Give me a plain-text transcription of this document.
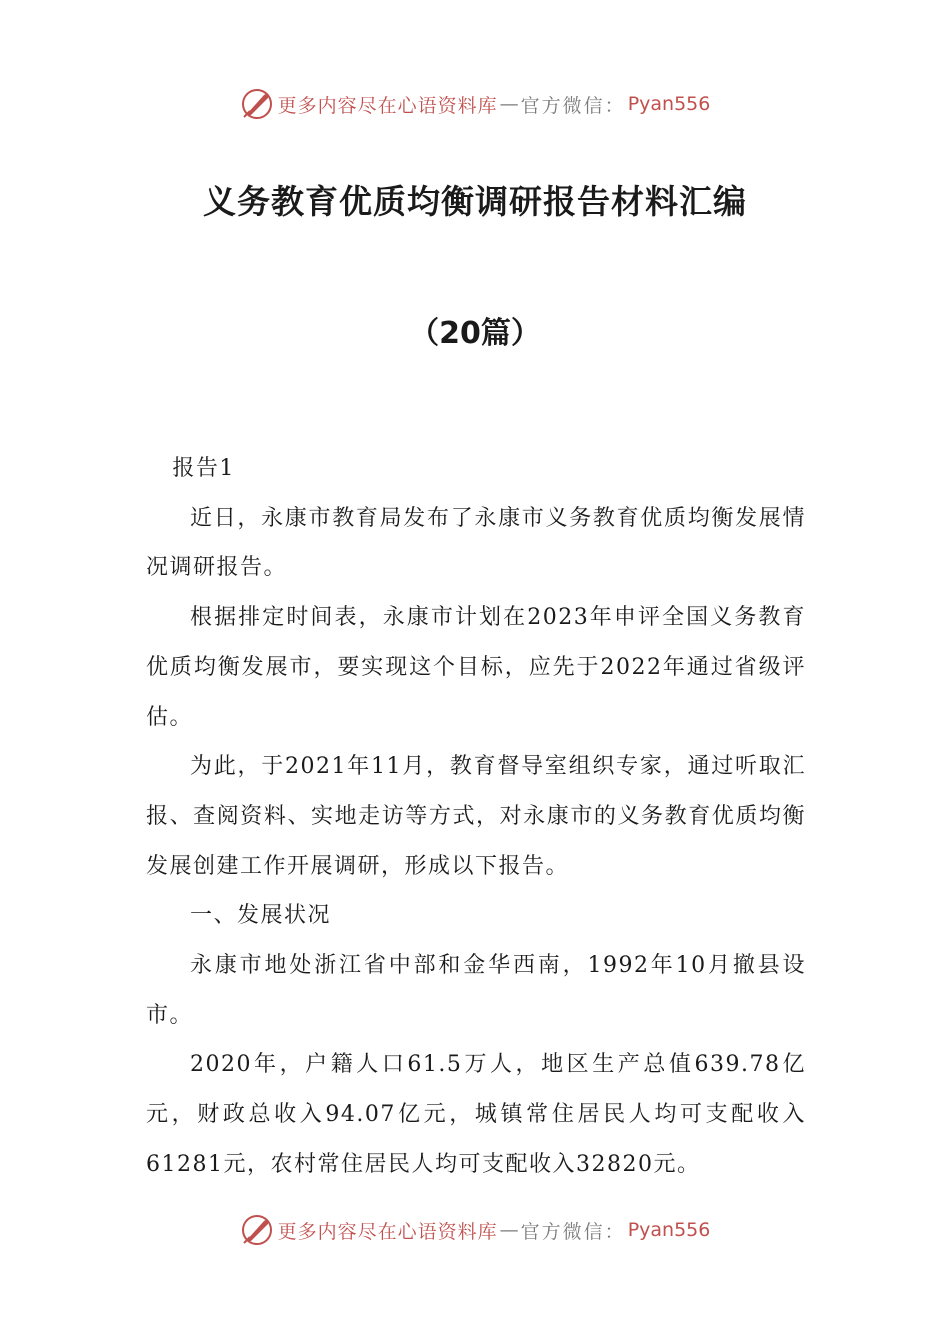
更多内容尽在心语资料库 — 官方微信： Pyan556
义务教育优质均衡调研报告材料汇编
（20篇）

报告1

近日，永康市教育局发布了永康市义务教育优质均衡发展情况调研报告。

根据排定时间表，永康市计划在2023年申评全国义务教育优质均衡发展市，要实现这个目标，应先于2022年通过省级评估。

为此，于2021年11月，教育督导室组织专家，通过听取汇报、查阅资料、实地走访等方式，对永康市的义务教育优质均衡发展创建工作开展调研，形成以下报告。

一、发展状况

永康市地处浙江省中部和金华西南，1992年10月撤县设市。

2020年，户籍人口61.5万人，地区生产总值639.78亿元，财政总收入94.07亿元，城镇常住居民人均可支配收入61281元，农村常住居民人均可支配收入32820元。

更多内容尽在心语资料库 — 官方微信： Pyan556
